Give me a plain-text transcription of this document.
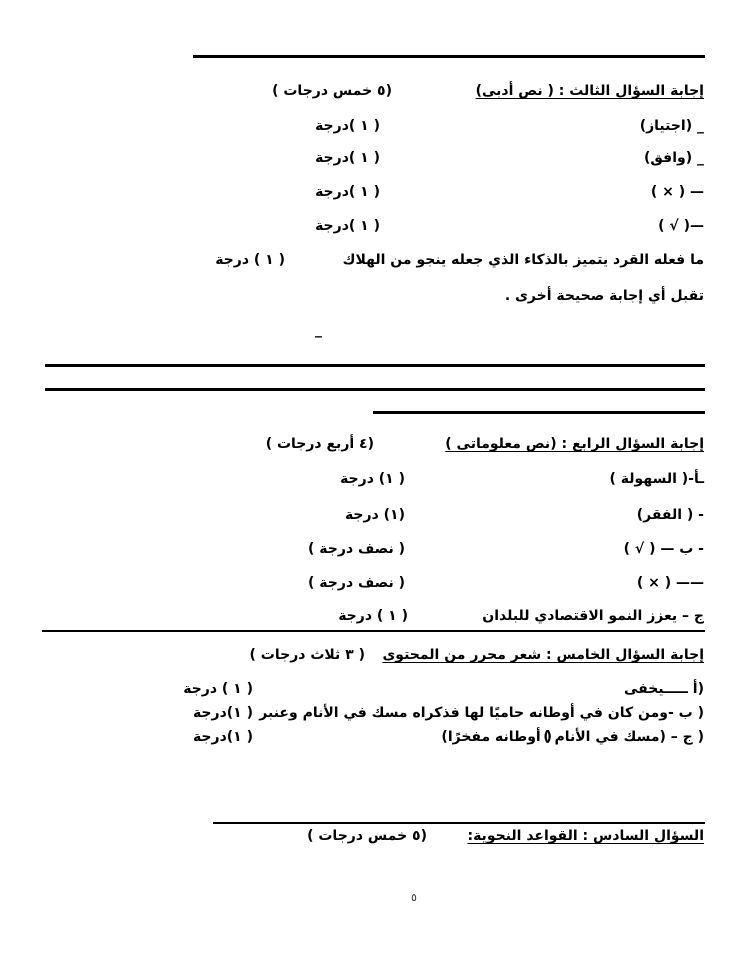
إجابة السؤال الثالث : ( نص أدبى)
(٥ خمس درجات )
_ (اجتياز)
( ١ )درجة
_ (وافق)
( ١ )درجة
— ( × )
( ١ )درجة
—( √ )
( ١ )درجة
ما فعله القرد يتميز بالذكاء الذي جعله ينجو من الهلاك
( ١ ) درجة
تقبل أي إجابة صحيحة أخرى .
_
إجابة السؤال الرابع : (نص معلوماتى )
(٤ أربع درجات )
ـأ-( السهولة )
( ١) درجة
- ( الفقر)
(١) درجة
- ب — ( √ )
( نصف درجة )
—— ( × )
( نصف درجة )
ج – يعزز النمو الاقتصادي للبلدان
( ١ ) درجة
إجابة السؤال الخامس : شعر محرر من المحتوى
( ٣ ثلاث درجات )
(أ ـــــيخفى
( ١ ) درجة
( ب -ومن كان في أوطانه حاميًا لها فذكراه مسك في الأنام وعنبر
( ١)درجة
( ج – (مسك في الأنام )
( أوطانه مفخرًا)
( ١)درجة
السؤال السادس : القواعد النحوية:
(٥ خمس درجات )
٥
